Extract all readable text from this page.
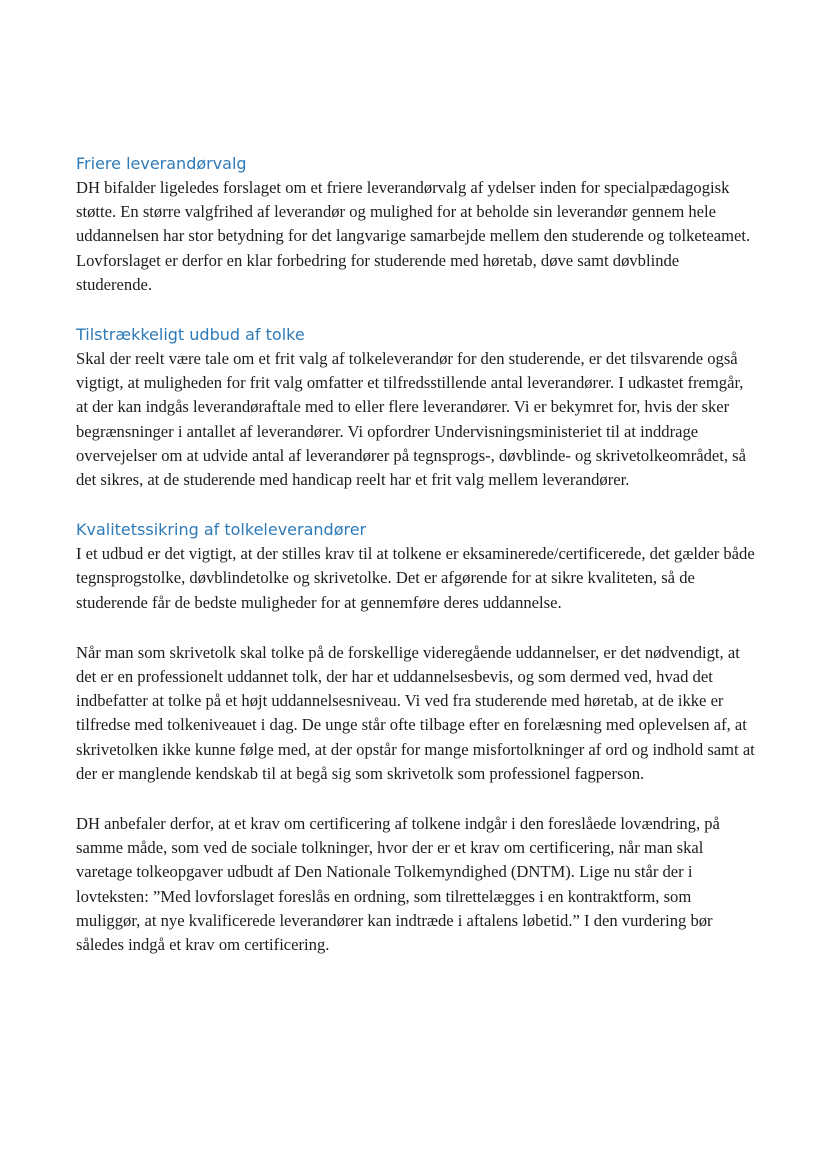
Friere leverandørvalg

DH bifalder ligeledes forslaget om et friere leverandørvalg af ydelser inden for specialpædagogisk støtte. En større valgfrihed af leverandør og mulighed for at beholde sin leverandør gennem hele uddannelsen har stor betydning for det langvarige samarbejde mellem den studerende og tolketeamet. Lovforslaget er derfor en klar forbedring for studerende med høretab, døve samt døvblinde studerende.

Tilstrækkeligt udbud af tolke

Skal der reelt være tale om et frit valg af tolkeleverandør for den studerende, er det tilsvarende også vigtigt, at muligheden for frit valg omfatter et tilfredsstillende antal leverandører. I udkastet fremgår, at der kan indgås leverandøraftale med to eller flere leverandører. Vi er bekymret for, hvis der sker begrænsninger i antallet af leverandører. Vi opfordrer Undervisningsministeriet til at inddrage overvejelser om at udvide antal af leverandører på tegnsprogs-, døvblinde- og skrivetolkeområdet, så det sikres, at de studerende med handicap reelt har et frit valg mellem leverandører.

Kvalitetssikring af tolkeleverandører

I et udbud er det vigtigt, at der stilles krav til at tolkene er eksaminerede/certificerede, det gælder både tegnsprogstolke, døvblindetolke og skrivetolke. Det er afgørende for at sikre kvaliteten, så de studerende får de bedste muligheder for at gennemføre deres uddannelse.

Når man som skrivetolk skal tolke på de forskellige videregående uddannelser, er det nødvendigt, at det er en professionelt uddannet tolk, der har et uddannelsesbevis, og som dermed ved, hvad det indbefatter at tolke på et højt uddannelsesniveau. Vi ved fra studerende med høretab, at de ikke er tilfredse med tolkeniveauet i dag. De unge står ofte tilbage efter en forelæsning med oplevelsen af, at skrivetolken ikke kunne følge med, at der opstår for mange misfortolkninger af ord og indhold samt at der er manglende kendskab til at begå sig som skrivetolk som professionel fagperson.

DH anbefaler derfor, at et krav om certificering af tolkene indgår i den foreslåede lovændring, på samme måde, som ved de sociale tolkninger, hvor der er et krav om certificering, når man skal varetage tolkeopgaver udbudt af Den Nationale Tolkemyndighed (DNTM). Lige nu står der i lovteksten: ”Med lovforslaget foreslås en ordning, som tilrettelægges i en kontraktform, som muliggør, at nye kvalificerede leverandører kan indtræde i aftalens løbetid.” I den vurdering bør således indgå et krav om certificering.
